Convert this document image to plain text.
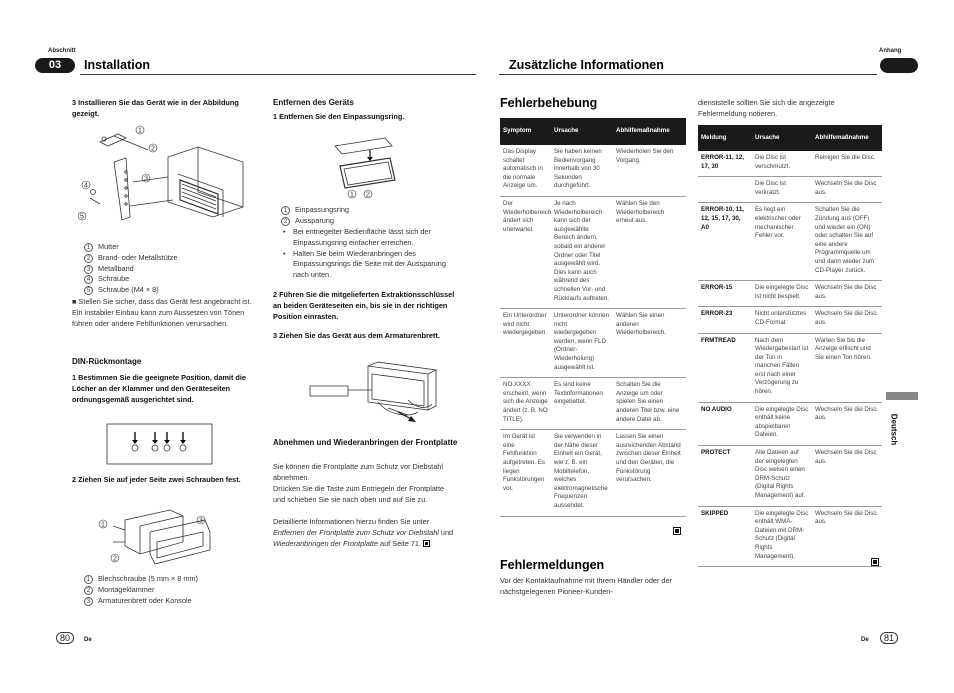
Abschnitt
03	Installation
3 Installieren Sie das Gerät wie in der Abbildung gezeigt.
1
2
3
4
5
1	Mutter
2	Brand- oder Metallstütze
3	Metallband
4	Schraube
5	Schraube (M4 × 8)
■ Stellen Sie sicher, dass das Gerät fest angebracht ist. Ein instabiler Einbau kann zum Aussetzen von Tönen führen oder andere Fehlfunktionen verursachen.
DIN-Rückmontage
1 Bestimmen Sie die geeignete Position, damit die Löcher an der Klammer und den Geräteseiten ordnungsgemäß ausgerichtet sind.
2 Ziehen Sie auf jeder Seite zwei Schrauben fest.
1
2
3
1	Blechschraube (5 mm × 8 mm)
2	Montageklammer
3	Armaturenbrett oder Konsole
Entfernen des Geräts
1 Entfernen Sie den Einpassungsring.
1 2
1	Einpassungsring
2	Aussparung
• Bei entriegelter Bedienfläche lässt sich der Einpassungsring einfacher erreichen.
• Halten Sie beim Wiederanbringen des Einpassungsrings die Seite mit der Aussparung nach unten.
2 Führen Sie die mitgelieferten Extraktionsschlüssel an beiden Geräteseiten ein, bis sie in der richtigen Position einrasten.
3 Ziehen Sie das Gerät aus dem Armaturenbrett.
Abnehmen und Wiederanbringen der Frontplatte
Sie können die Frontplatte zum Schutz vor Diebstahl abnehmen.
Drücken Sie die Taste zum Entriegeln der Frontplatte und schieben Sie sie nach oben und auf Sie zu.
Detaillierte Informationen hierzu finden Sie unter Entfernen der Frontplatte zum Schutz vor Diebstahl und Wiederanbringen der Frontplatte auf Seite 71.
80	De
Anhang
Zusätzliche Informationen
Fehlerbehebung
Symptom	Ursache	Abhilfemaßnahme
Das Display schaltet automatisch in die normale Anzeige um.	Sie haben keinen Bedienvorgang innerhalb von 30 Sekunden durchgeführt.	Wiederholen Sie den Vorgang.
Der Wiederholbereich ändert sich unerwartet.	Je nach Wiederholbereich kann sich der ausgewählte Bereich ändern, sobald ein anderer Ordner oder Titel ausgewählt wird. Dies kann auch während des schnellen Vor- und Rücklaufs auftreten.	Wählen Sie den Wiederholbereich erneut aus.
Ein Unterordner wird nicht wiedergegeben.	Unterordner können nicht wiedergegeben werden, wenn FLD (Ordner-Wiederholung) ausgewählt ist.	Wählen Sie einen anderen Wiederholbereich.
NO XXXX erscheint, wenn sich die Anzeige ändert (z. B. NO TITLE).	Es sind keine Textinformationen eingebettet.	Schalten Sie die Anzeige um oder spielen Sie einen anderen Titel bzw. eine andere Datei ab.
Im Gerät ist eine Fehlfunktion aufgetreten. Es liegen Funkstörungen vor.	Sie verwenden in der Nähe dieser Einheit ein Gerät, wie z. B. ein Mobiltelefon, welches elektromagnetische Frequenzen aussendet.	Lassen Sie einen ausreichenden Abstand zwischen dieser Einheit und den Geräten, die Funkstörung verursachen.
Fehlermeldungen
Vor der Kontaktaufnahme mit Ihrem Händler oder der nächstgelegenen Pioneer-Kunden-
dienststelle sollten Sie sich die angezeigte Fehlermeldung notieren.
Meldung	Ursache	Abhilfemaßnahme
ERROR-11, 12, 17, 30	Die Disc ist verschmutzt.	Reinigen Sie die Disc.
	Die Disc ist verkratzt.	Wechseln Sie die Disc aus.
ERROR-10, 11, 12, 15, 17, 30, A0	Es liegt ein elektrischer oder mechanischer Fehler vor.	Schalten Sie die Zündung aus (OFF) und wieder ein (ON) oder schalten Sie auf eine andere Programmquelle um und dann wieder zum CD-Player zurück.
ERROR-15	Die eingelegte Disc ist nicht bespielt.	Wechseln Sie die Disc aus.
ERROR-23	Nicht unterstütztes CD-Format	Wechseln Sie die Disc aus.
FRMTREAD	Nach dem Wiedergabestart ist der Ton in manchen Fällen erst nach einer Verzögerung zu hören.	Warten Sie bis die Anzeige erlischt und Sie einen Ton hören.
NO AUDIO	Die eingelegte Disc enthält keine abspielbaren Dateien.	Wechseln Sie die Disc aus.
PROTECT	Alle Dateien auf der eingelegten Disc weisen einen DRM-Schutz (Digital Rights Management) auf.	Wechseln Sie die Disc aus.
SKIPPED	Die eingelegte Disc enthält WMA-Dateien mit DRM-Schutz (Digital Rights Management).	Wechseln Sie die Disc aus.
Deutsch
De	81
